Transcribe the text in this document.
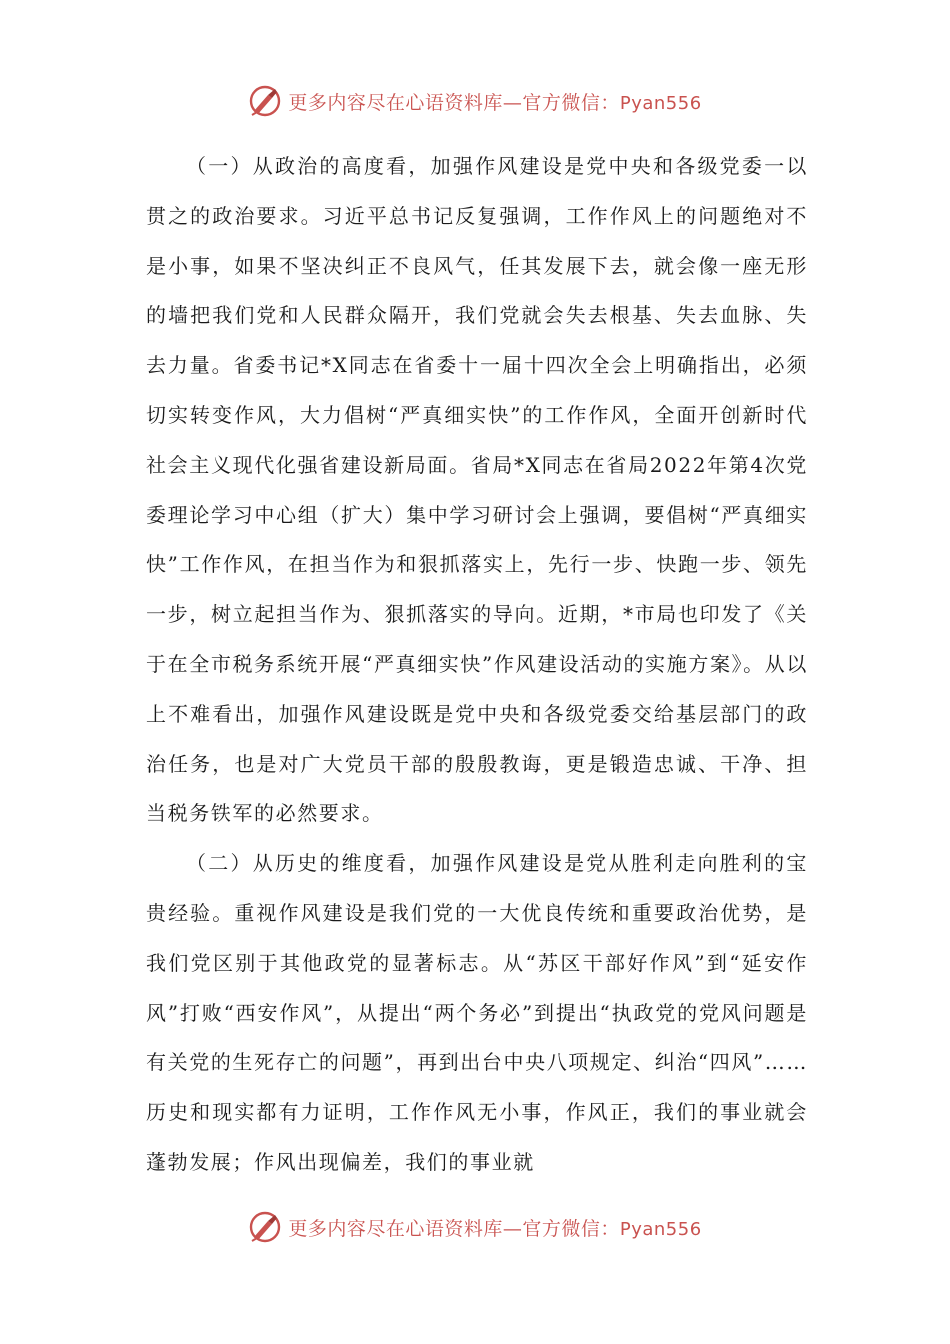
更多内容尽在心语资料库—官方微信：Pyan556

（一）从政治的高度看，加强作风建设是党中央和各级党委一以贯之的政治要求。习近平总书记反复强调，工作作风上的问题绝对不是小事，如果不坚决纠正不良风气，任其发展下去，就会像一座无形的墙把我们党和人民群众隔开，我们党就会失去根基、失去血脉、失去力量。省委书记*X同志在省委十一届十四次全会上明确指出，必须切实转变作风，大力倡树“严真细实快”的工作作风，全面开创新时代社会主义现代化强省建设新局面。省局*X同志在省局2022年第4次党委理论学习中心组（扩大）集中学习研讨会上强调，要倡树“严真细实快”工作作风，在担当作为和狠抓落实上，先行一步、快跑一步、领先一步，树立起担当作为、狠抓落实的导向。近期，*市局也印发了《关于在全市税务系统开展“严真细实快”作风建设活动的实施方案》。从以上不难看出，加强作风建设既是党中央和各级党委交给基层部门的政治任务，也是对广大党员干部的殷殷教诲，更是锻造忠诚、干净、担当税务铁军的必然要求。

（二）从历史的维度看，加强作风建设是党从胜利走向胜利的宝贵经验。重视作风建设是我们党的一大优良传统和重要政治优势，是我们党区别于其他政党的显著标志。从“苏区干部好作风”到“延安作风”打败“西安作风”，从提出“两个务必”到提出“执政党的党风问题是有关党的生死存亡的问题”，再到出台中央八项规定、纠治“四风”……历史和现实都有力证明，工作作风无小事，作风正，我们的事业就会蓬勃发展；作风出现偏差，我们的事业就

更多内容尽在心语资料库—官方微信：Pyan556
